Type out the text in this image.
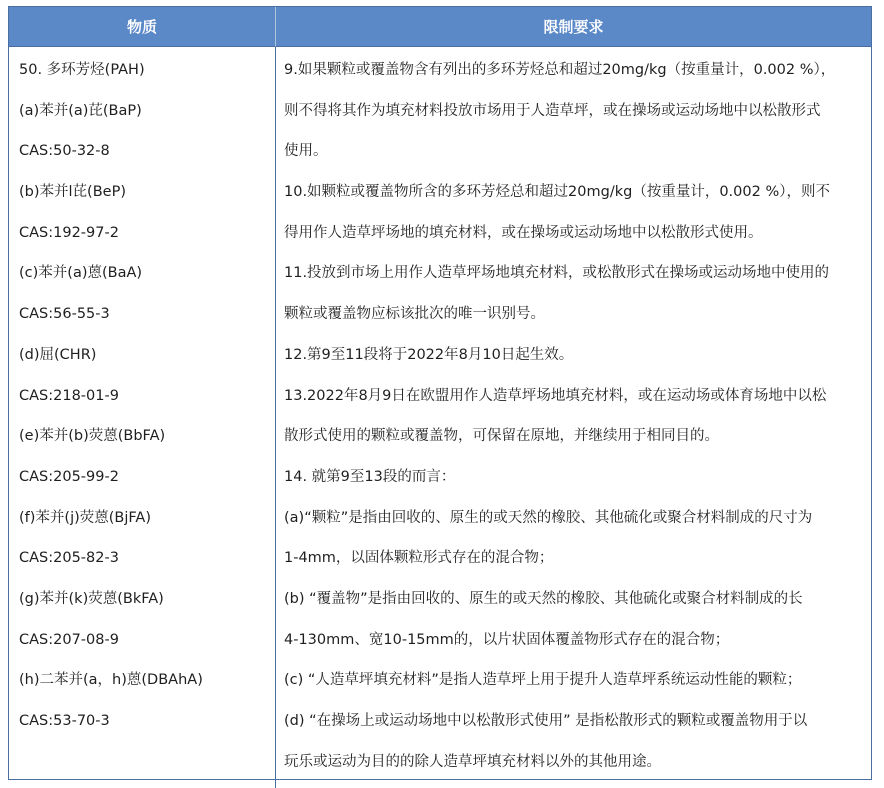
物质	限制要求
50. 多环芳烃(PAH)
(a)苯并(a)芘(BaP)
CAS:50-32-8
(b)苯并l芘(BeP)
CAS:192-97-2
(c)苯并(a)蒽(BaA)
CAS:56-55-3
(d)屈(CHR)
CAS:218-01-9
(e)苯并(b)荧蒽(BbFA)
CAS:205-99-2
(f)苯并(j)荧蒽(BjFA)
CAS:205-82-3
(g)苯并(k)荧蒽(BkFA)
CAS:207-08-9
(h)二苯并(a，h)蒽(DBAhA)
CAS:53-70-3
9.如果颗粒或覆盖物含有列出的多环芳烃总和超过20mg/kg（按重量计，0.002 %），
则不得将其作为填充材料投放市场用于人造草坪，或在操场或运动场地中以松散形式
使用。
10.如颗粒或覆盖物所含的多环芳烃总和超过20mg/kg（按重量计，0.002 %），则不
得用作人造草坪场地的填充材料，或在操场或运动场地中以松散形式使用。
11.投放到市场上用作人造草坪场地填充材料，或松散形式在操场或运动场地中使用的
颗粒或覆盖物应标该批次的唯一识别号。
12.第9至11段将于2022年8月10日起生效。
13.2022年8月9日在欧盟用作人造草坪场地填充材料，或在运动场或体育场地中以松
散形式使用的颗粒或覆盖物，可保留在原地，并继续用于相同目的。
14. 就第9至13段的而言：
(a)“颗粒”是指由回收的、原生的或天然的橡胶、其他硫化或聚合材料制成的尺寸为
1-4mm，以固体颗粒形式存在的混合物；
(b) “覆盖物”是指由回收的、原生的或天然的橡胶、其他硫化或聚合材料制成的长
4-130mm、宽10-15mm的，以片状固体覆盖物形式存在的混合物；
(c) “人造草坪填充材料”是指人造草坪上用于提升人造草坪系统运动性能的颗粒；
(d) “在操场上或运动场地中以松散形式使用” 是指松散形式的颗粒或覆盖物用于以
玩乐或运动为目的的除人造草坪填充材料以外的其他用途。
